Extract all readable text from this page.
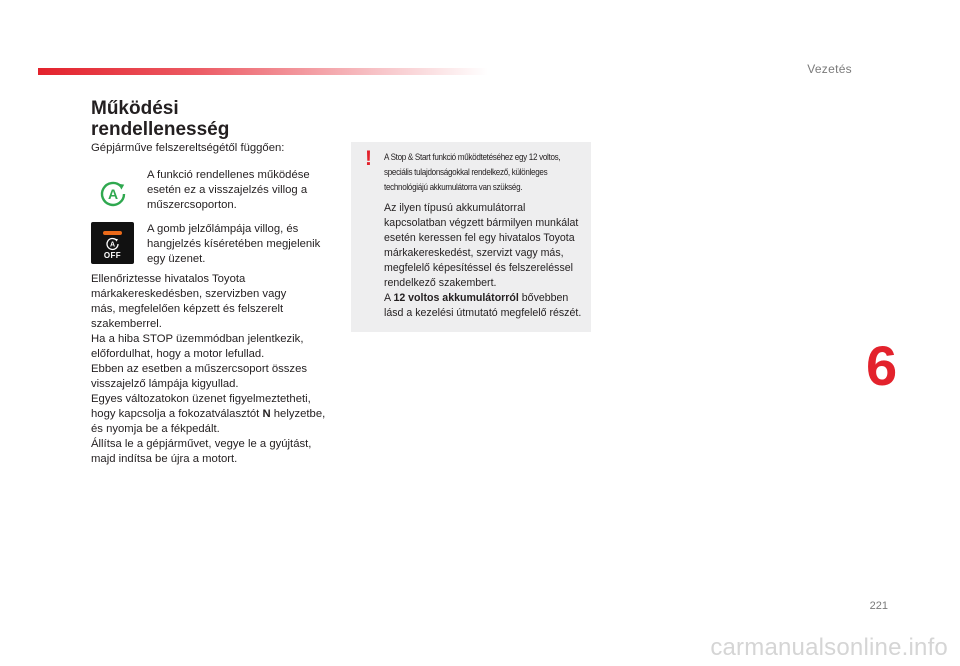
Vezetés
Működési
rendellenesség
Gépjárműve felszereltségétől függően:
A
A funkció rendellenes működése esetén ez a visszajelzés villog a műszercsoporton.
A
OFF
A gomb jelzőlámpája villog, és hangjelzés kíséretében megjelenik egy üzenet.
Ellenőriztesse hivatalos Toyota
márkakereskedésben, szervizben vagy
más, megfelelően képzett és felszerelt
szakemberrel.
Ha a hiba STOP üzemmódban jelentkezik,
előfordulhat, hogy a motor lefullad.
Ebben az esetben a műszercsoport összes
visszajelző lámpája kigyullad.
Egyes változatokon üzenet figyelmeztetheti,
hogy kapcsolja a fokozatválasztót N helyzetbe,
és nyomja be a fékpedált.
Állítsa le a gépjárművet, vegye le a gyújtást,
majd indítsa be újra a motort.
! A Stop & Start funkció működtetéséhez egy 12 voltos, speciális tulajdonságokkal rendelkező, különleges technológiájú akkumulátorra van szükség.
Az ilyen típusú akkumulátorral kapcsolatban végzett bármilyen munkálat esetén keressen fel egy hivatalos Toyota márkakereskedést, szervizt vagy más, megfelelő képesítéssel és felszereléssel rendelkező szakembert.
A 12 voltos akkumulátorról bővebben lásd a kezelési útmutató megfelelő részét.
6
221
carmanualsonline.info
